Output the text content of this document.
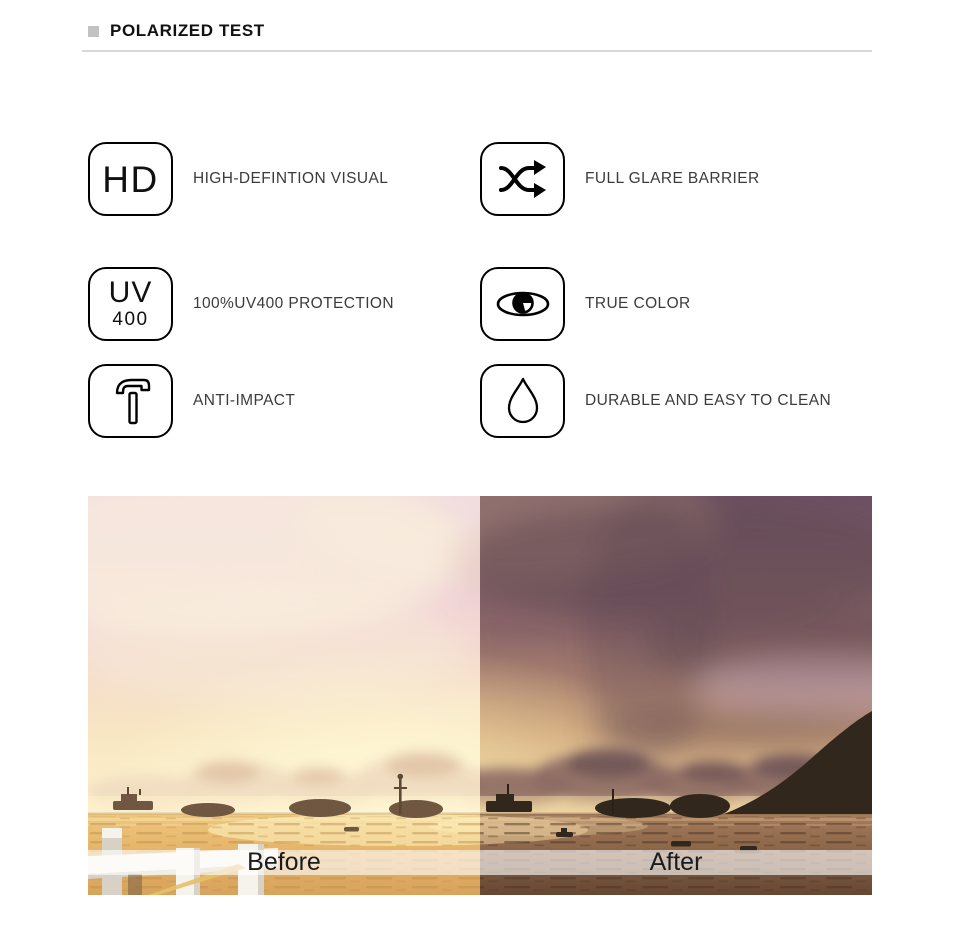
POLARIZED TEST
HD HIGH-DEFINTION VISUAL	FULL GLARE BARRIER
UV
400
100%UV400 PROTECTION	TRUE COLOR
ANTI-IMPACT	DURABLE AND EASY TO CLEAN
Before	After
